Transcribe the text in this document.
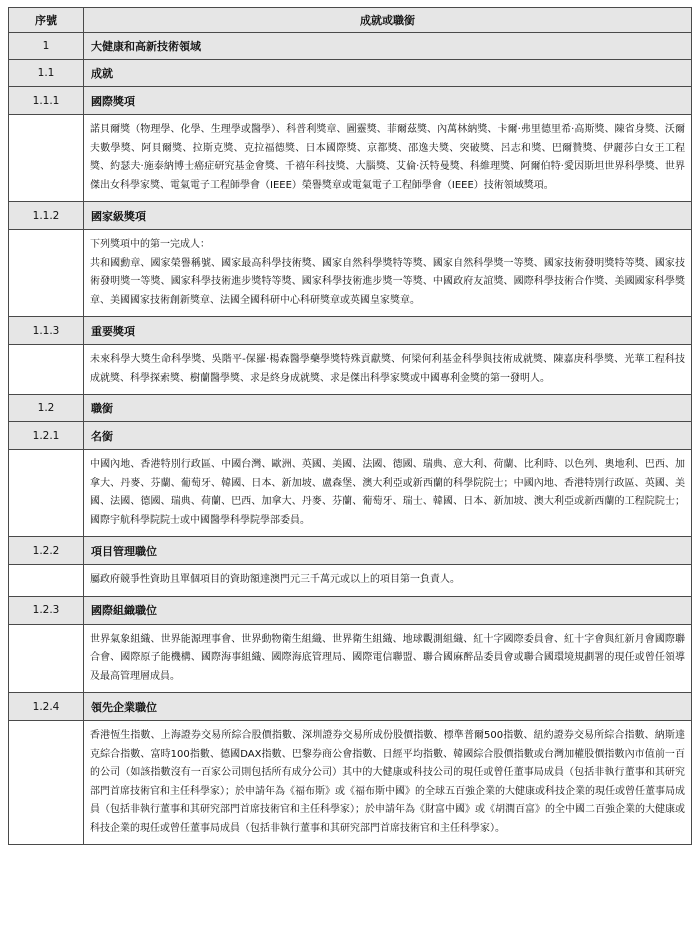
序號	成就或職銜
1	大健康和高新技術領域
1.1	成就
1.1.1	國際獎項
	諾貝爾獎（物理學、化學、生理學或醫學）、科普利獎章、圖靈獎、菲爾茲獎、內萬林納獎、卡爾·弗里德里希·高斯獎、陳省身獎、沃爾夫數學獎、阿貝爾獎、拉斯克獎、克拉福德獎、日本國際獎、京都獎、邵逸夫獎、突破獎、呂志和獎、巴爾贊獎、伊麗莎白女王工程獎、約瑟夫·施泰納博士癌症研究基金會獎、千禧年科技獎、大腦獎、艾倫·沃特曼獎、科維理獎、阿爾伯特·愛因斯坦世界科學獎、世界傑出女科學家獎、電氣電子工程師學會（IEEE）榮譽獎章或電氣電子工程師學會（IEEE）技術領域獎項。
1.1.2	國家級獎項
	下列獎項中的第一完成人：
共和國勳章、國家榮譽稱號、國家最高科學技術獎、國家自然科學獎特等獎、國家自然科學獎一等獎、國家技術發明獎特等獎、國家技術發明獎一等獎、國家科學技術進步獎特等獎、國家科學技術進步獎一等獎、中國政府友誼獎、國際科學技術合作獎、美國國家科學獎章、美國國家技術創新獎章、法國全國科研中心科研獎章或英國皇家獎章。
1.1.3	重要獎項
	未來科學大獎生命科學獎、吳階平-保羅·楊森醫學藥學獎特殊貢獻獎、何梁何利基金科學與技術成就獎、陳嘉庚科學獎、光華工程科技成就獎、科學探索獎、樹蘭醫學獎、求是終身成就獎、求是傑出科學家獎或中國專利金獎的第一發明人。
1.2	職銜
1.2.1	名銜
	中國內地、香港特別行政區、中國台灣、歐洲、英國、美國、法國、德國、瑞典、意大利、荷蘭、比利時、以色列、奧地利、巴西、加拿大、丹麥、芬蘭、葡萄牙、韓國、日本、新加坡、盧森堡、澳大利亞或新西蘭的科學院院士；中國內地、香港特別行政區、英國、美國、法國、德國、瑞典、荷蘭、巴西、加拿大、丹麥、芬蘭、葡萄牙、瑞士、韓國、日本、新加坡、澳大利亞或新西蘭的工程院院士；國際宇航科學院院士或中國醫學科學院學部委員。
1.2.2	項目管理職位
	屬政府競爭性資助且單個項目的資助額達澳門元三千萬元或以上的項目第一負責人。
1.2.3	國際組織職位
	世界氣象組織、世界能源理事會、世界動物衛生組織、世界衛生組織、地球觀測組織、紅十字國際委員會、紅十字會與紅新月會國際聯合會、國際原子能機構、國際海事組織、國際海底管理局、國際電信聯盟、聯合國麻醉品委員會或聯合國環境規劃署的現任或曾任領導及最高管理層成員。
1.2.4	領先企業職位
	香港恆生指數、上海證券交易所綜合股價指數、深圳證券交易所成份股價指數、標準普爾500指數、紐約證券交易所綜合指數、納斯達克綜合指數、富時100指數、德國DAX指數、巴黎券商公會指數、日經平均指數、韓國綜合股價指數或台灣加權股價指數內市值前一百的公司（如該指數沒有一百家公司則包括所有成分公司）其中的大健康或科技公司的現任或曾任董事局成員（包括非執行董事和其研究部門首席技術官和主任科學家）；於申請年為《福布斯》或《福布斯中國》的全球五百強企業的大健康或科技企業的現任或曾任董事局成員（包括非執行董事和其研究部門首席技術官和主任科學家）；於申請年為《財富中國》或《胡潤百富》的全中國二百強企業的大健康或科技企業的現任或曾任董事局成員（包括非執行董事和其研究部門首席技術官和主任科學家）。
